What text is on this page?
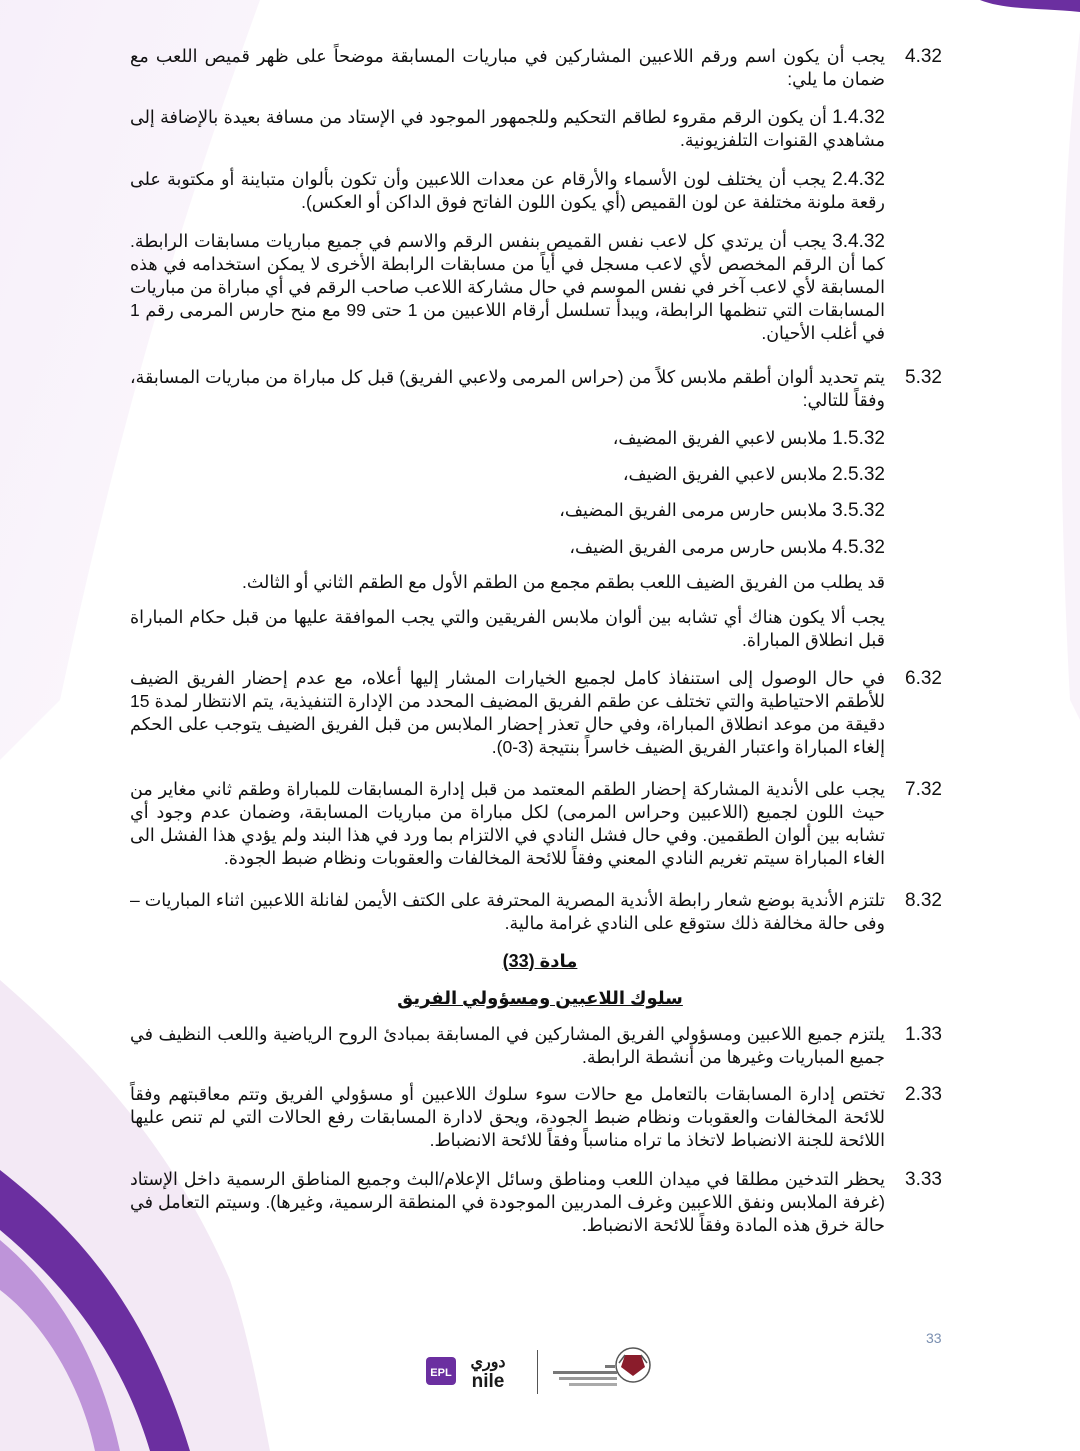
4.32
يجب أن يكون اسم ورقم اللاعبين المشاركين في مباريات المسابقة موضحاً على ظهر قميص اللعب مع ضمان ما يلي:
1.4.32 أن يكون الرقم مقروء لطاقم التحكيم وللجمهور الموجود في الإستاد من مسافة بعيدة بالإضافة إلى مشاهدي القنوات التلفزيونية.
2.4.32 يجب أن يختلف لون الأسماء والأرقام عن معدات اللاعبين وأن تكون بألوان متباينة أو مكتوبة على رقعة ملونة مختلفة عن لون القميص (أي يكون اللون الفاتح فوق الداكن أو العكس).
3.4.32 يجب أن يرتدي كل لاعب نفس القميص بنفس الرقم والاسم في جميع مباريات مسابقات الرابطة. كما أن الرقم المخصص لأي لاعب مسجل في أياً من مسابقات الرابطة الأخرى لا يمكن استخدامه في هذه المسابقة لأي لاعب آخر في نفس الموسم في حال مشاركة اللاعب صاحب الرقم في أي مباراة من مباريات المسابقات التي تنظمها الرابطة، ويبدأ تسلسل أرقام اللاعبين من 1 حتى 99 مع منح حارس المرمى رقم 1 في أغلب الأحيان.
5.32
يتم تحديد ألوان أطقم ملابس كلاً من (حراس المرمى ولاعبي الفريق) قبل كل مباراة من مباريات المسابقة، وفقاً للتالي:
1.5.32 ملابس لاعبي الفريق المضيف،
2.5.32 ملابس لاعبي الفريق الضيف،
3.5.32 ملابس حارس مرمى الفريق المضيف،
4.5.32 ملابس حارس مرمى الفريق الضيف،
قد يطلب من الفريق الضيف اللعب بطقم مجمع من الطقم الأول مع الطقم الثاني أو الثالث.
يجب ألا يكون هناك أي تشابه بين ألوان ملابس الفريقين والتي يجب الموافقة عليها من قبل حكام المباراة قبل انطلاق المباراة.
6.32
في حال الوصول إلى استنفاذ كامل لجميع الخيارات المشار إليها أعلاه، مع عدم إحضار الفريق الضيف للأطقم الاحتياطية والتي تختلف عن طقم الفريق المضيف المحدد من الإدارة التنفيذية، يتم الانتظار لمدة 15 دقيقة من موعد انطلاق المباراة، وفي حال تعذر إحضار الملابس من قبل الفريق الضيف يتوجب على الحكم إلغاء المباراة واعتبار الفريق الضيف خاسراً بنتيجة (3-0).
7.32
يجب على الأندية المشاركة إحضار الطقم المعتمد من قبل إدارة المسابقات للمباراة وطقم ثاني مغاير من حيث اللون لجميع (اللاعبين وحراس المرمى) لكل مباراة من مباريات المسابقة، وضمان عدم وجود أي تشابه بين ألوان الطقمين. وفي حال فشل النادي في الالتزام بما ورد في هذا البند ولم يؤدي هذا الفشل الى الغاء المباراة سيتم تغريم النادي المعني وفقاً للائحة المخالفات والعقوبات ونظام ضبط الجودة.
8.32
تلتزم الأندية بوضع شعار رابطة الأندية المصرية المحترفة على الكتف الأيمن لفانلة اللاعبين اثناء المباريات – وفى حالة مخالفة ذلك ستوقع على النادي غرامة مالية.
مادة (33)
سلوك اللاعبين ومسؤولي الفريق
1.33
يلتزم جميع اللاعبين ومسؤولي الفريق المشاركين في المسابقة بمبادئ الروح الرياضية واللعب النظيف في جميع المباريات وغيرها من أنشطة الرابطة.
2.33
تختص إدارة المسابقات بالتعامل مع حالات سوء سلوك اللاعبين أو مسؤولي الفريق وتتم معاقبتهم وفقاً للائحة المخالفات والعقوبات ونظام ضبط الجودة، ويحق لادارة المسابقات رفع الحالات التي لم تنص عليها اللائحة للجنة الانضباط لاتخاذ ما تراه مناسباً وفقاً للائحة الانضباط.
3.33
يحظر التدخين مطلقا في ميدان اللعب ومناطق وسائل الإعلام/البث وجميع المناطق الرسمية داخل الإستاد (غرفة الملابس ونفق اللاعبين وغرف المدربين الموجودة في المنطقة الرسمية، وغيرها). وسيتم التعامل في حالة خرق هذه المادة وفقاً للائحة الانضباط.
33
EPL
دوري
nile
